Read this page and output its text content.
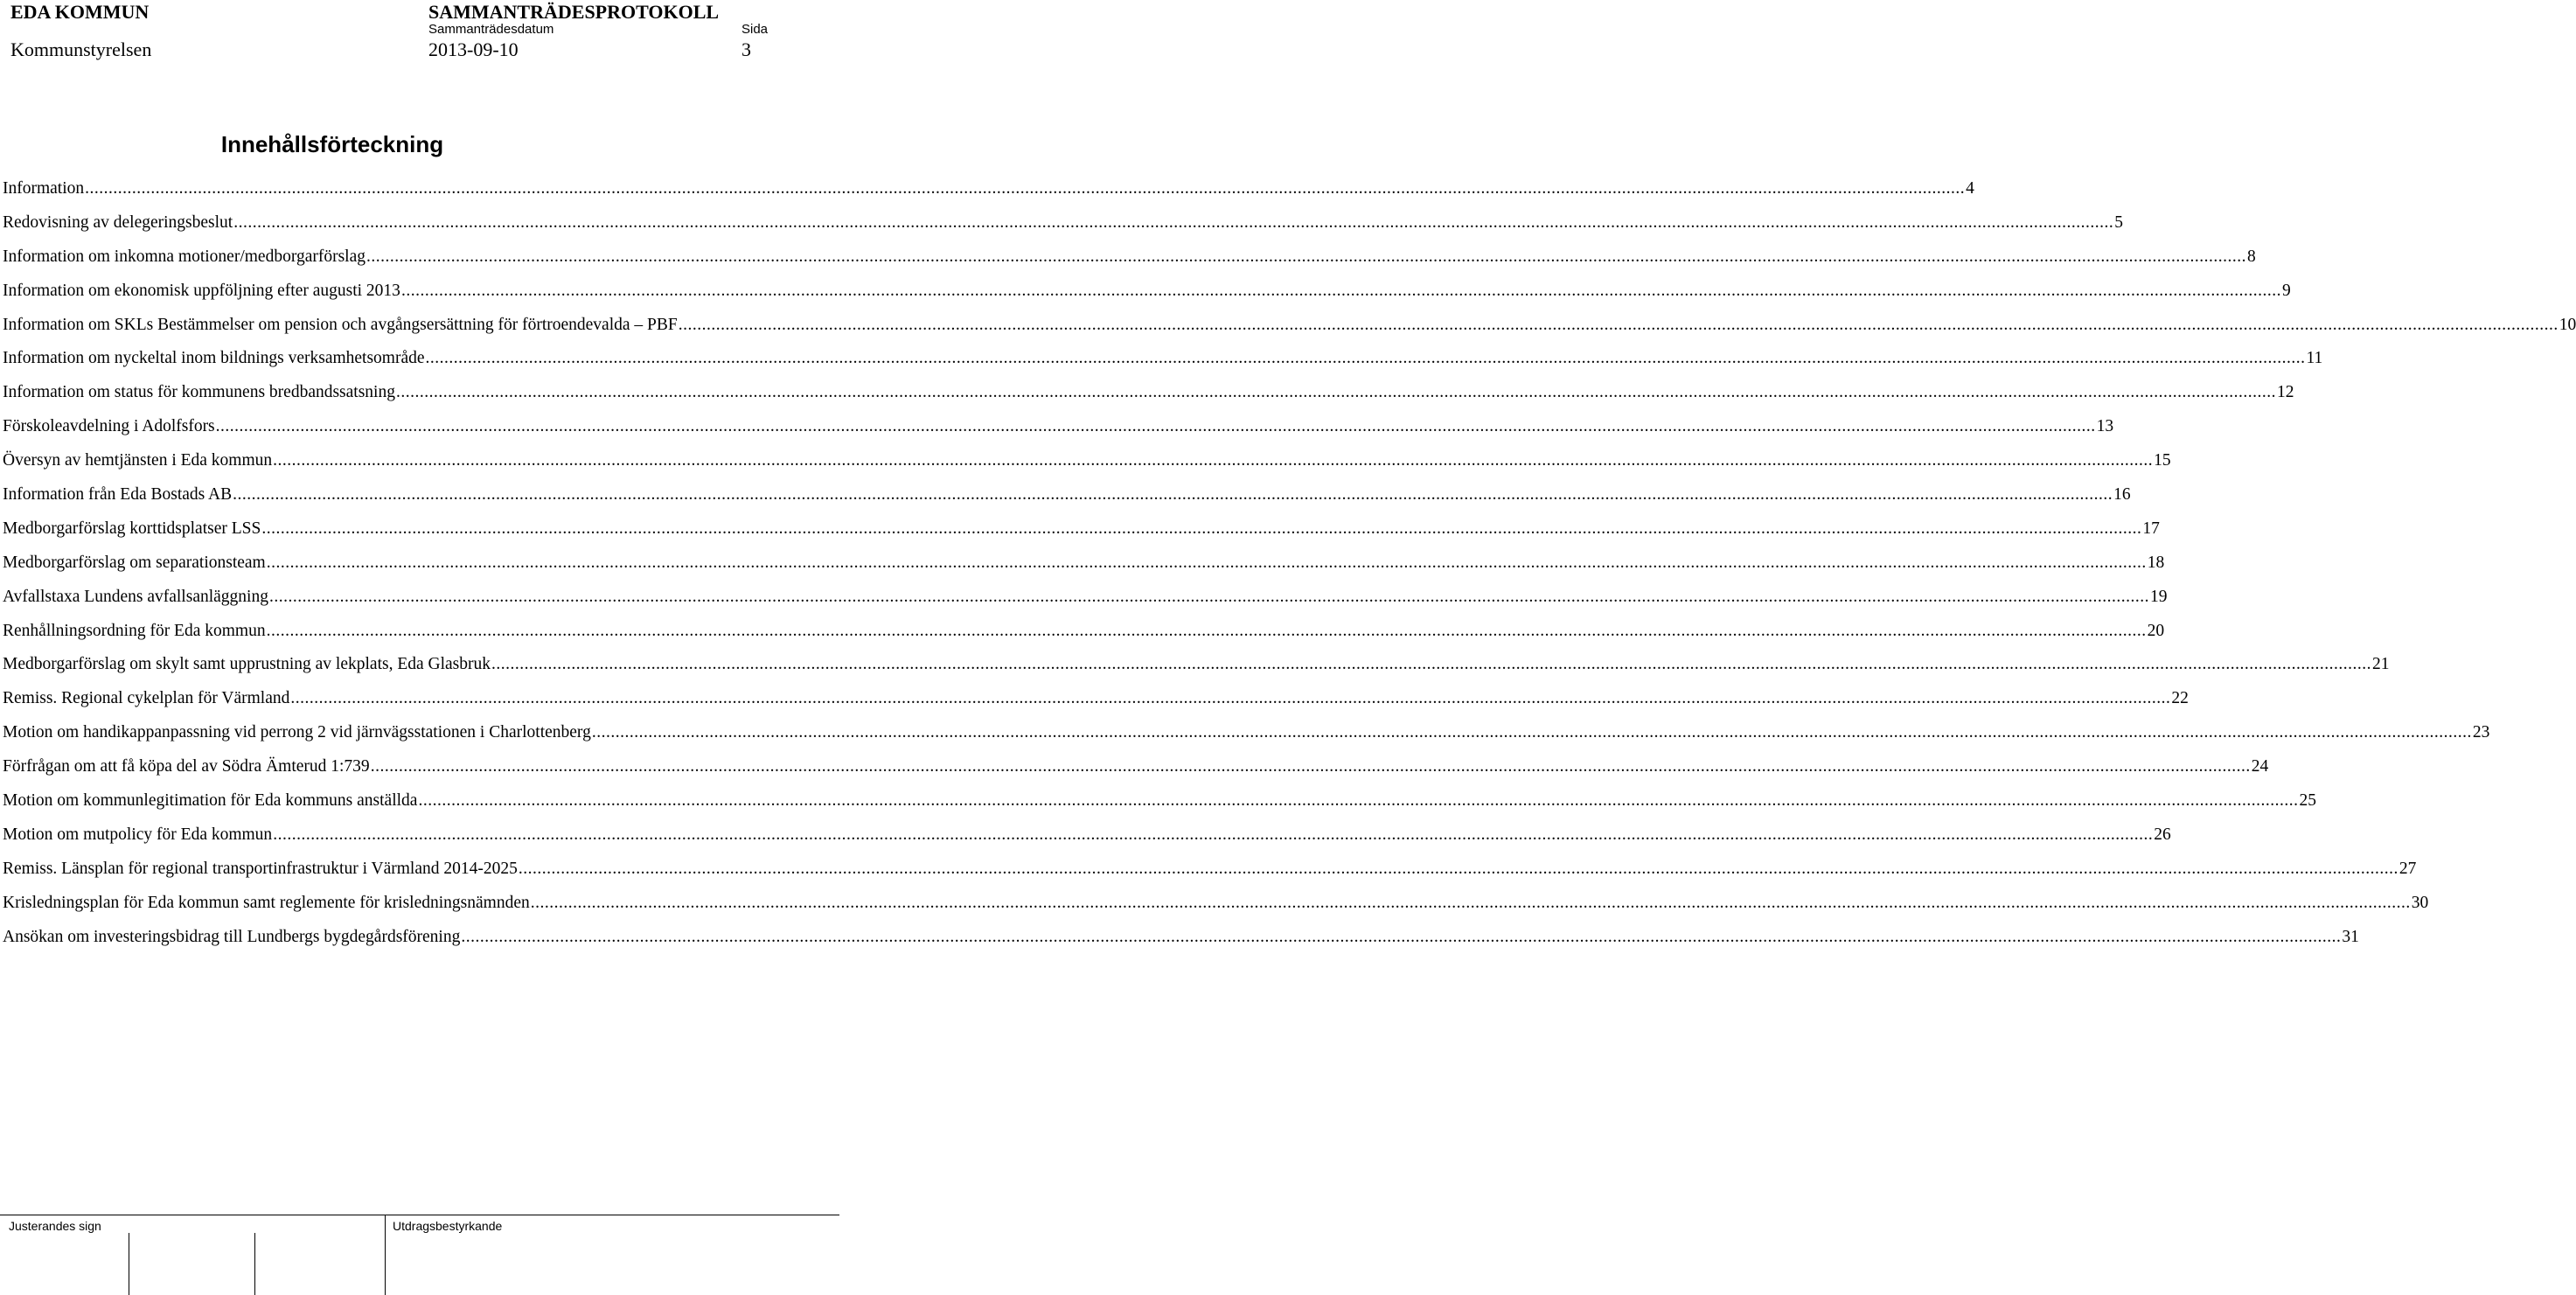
EDA KOMMUN
Kommunstyrelsen
SAMMANTRÄDESPROTOKOLL
Sammanträdesdatum
2013-09-10
Sida
3
Innehållsförteckning
Information ................................................................................................................................................................................................................................................................................................................................................................................................................ 4
Redovisning av delegeringsbeslut ................................................................................................................................................................................................................................................................................................................................................................................................................ 5
Information om inkomna motioner/medborgarförslag ................................................................................................................................................................................................................................................................................................................................................................................................................ 8
Information om ekonomisk uppföljning efter augusti 2013 ................................................................................................................................................................................................................................................................................................................................................................................................................ 9
Information om SKLs Bestämmelser om pension och avgångsersättning för förtroendevalda – PBF ................................................................................................................................................................................................................................................................................................................................................................................................................ 10
Information om nyckeltal inom bildnings verksamhetsområde ................................................................................................................................................................................................................................................................................................................................................................................................................ 11
Information om status för kommunens bredbandssatsning ................................................................................................................................................................................................................................................................................................................................................................................................................ 12
Förskoleavdelning i Adolfsfors ................................................................................................................................................................................................................................................................................................................................................................................................................ 13
Översyn av hemtjänsten i Eda kommun ................................................................................................................................................................................................................................................................................................................................................................................................................ 15
Information från Eda Bostads AB ................................................................................................................................................................................................................................................................................................................................................................................................................ 16
Medborgarförslag korttidsplatser LSS ................................................................................................................................................................................................................................................................................................................................................................................................................ 17
Medborgarförslag om separationsteam ................................................................................................................................................................................................................................................................................................................................................................................................................ 18
Avfallstaxa Lundens avfallsanläggning ................................................................................................................................................................................................................................................................................................................................................................................................................ 19
Renhållningsordning för Eda kommun ................................................................................................................................................................................................................................................................................................................................................................................................................ 20
Medborgarförslag om skylt samt upprustning av lekplats, Eda Glasbruk ................................................................................................................................................................................................................................................................................................................................................................................................................ 21
Remiss. Regional cykelplan för Värmland ................................................................................................................................................................................................................................................................................................................................................................................................................ 22
Motion om handikappanpassning vid perrong 2 vid järnvägsstationen i Charlottenberg ................................................................................................................................................................................................................................................................................................................................................................................................................ 23
Förfrågan om att få köpa del av Södra Ämterud 1:739 ................................................................................................................................................................................................................................................................................................................................................................................................................ 24
Motion om kommunlegitimation för Eda kommuns anställda ................................................................................................................................................................................................................................................................................................................................................................................................................ 25
Motion om mutpolicy för Eda kommun ................................................................................................................................................................................................................................................................................................................................................................................................................ 26
Remiss. Länsplan för regional transportinfrastruktur i Värmland 2014-2025 ................................................................................................................................................................................................................................................................................................................................................................................................................ 27
Krisledningsplan för Eda kommun samt reglemente för krisledningsnämnden ................................................................................................................................................................................................................................................................................................................................................................................................................ 30
Ansökan om investeringsbidrag till Lundbergs bygdegårdsförening ................................................................................................................................................................................................................................................................................................................................................................................................................ 31
Justerandes sign	Utdragsbestyrkande
